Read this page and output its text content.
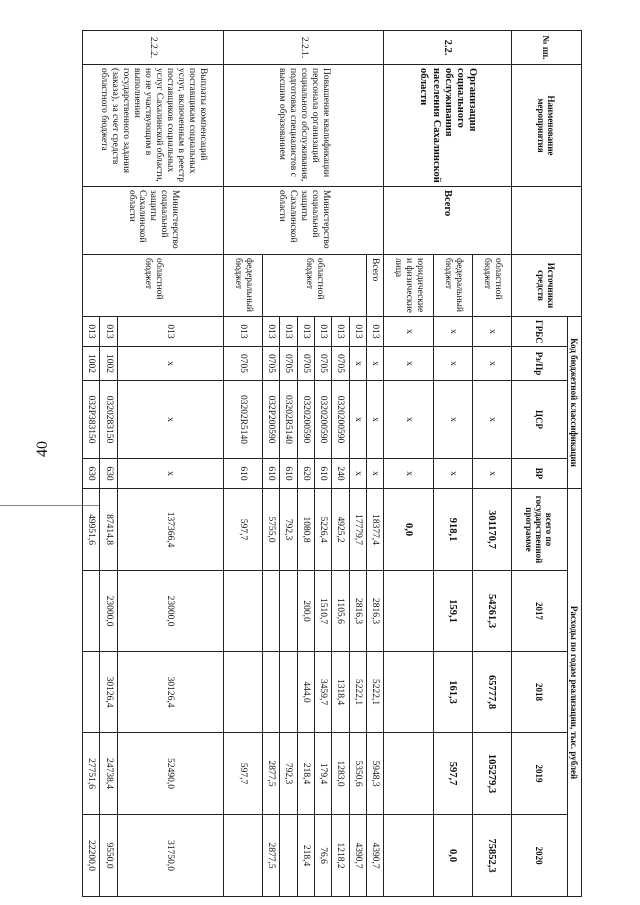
40
№ пп.	Наименование мероприятия		Источники средств	Код бюджетной классификации				Расходы по годам реализации, тыс. рублей				
				ГРБС	Рз/Пр	ЦСР	ВР	всего по государственной программе	2017	2018	2019	2020
2.2.	Организация социального обслуживания населения Сахалинской области	Всего	областной бюджет	х	х	х	х	301170,7	54261,3	65777,8	105279,3	75852,3
			федеральный бюджет	х	х	х	х	918,1	159,1	161,3	597,7	0,0
			юридические и физические лица	х	х	х	х	0,0				
2.2.1.	Повышение квалификации персонала организаций социального обслуживания, подготовка специалистов с высшим образованием	Министерство социальной защиты Сахалинской области	Всего	013	х	х	х	18377,4	2816,3	5222,1	5948,3	4390,7
			областной бюджет	013	х	х	х	17779,7	2816,3	5222,1	5350,6	4390,7
				013	0705	0320200590	240	4925,2	1105,6	1318,4	1283,0	1218,2
				013	0705	0320200590	610	5226,4	1510,7	3459,7	179,4	76,6
				013	0705	0320200590	620	1080,8	200,0	444,0	218,4	218,4
				013	0705	03202R5140	610	792,3			792,3	
				013	0705	032P200590	610	5755,0			2877,5	2877,5
			федеральный бюджет	013	0705	03202R5140	610	597,7			597,7	
2.2.2.	Выплаты компенсаций поставщикам социальных услуг, включенным в реестр поставщиков социальных услуг Сахалинской области, но не участвующим в выполнении государственного задания (заказа), за счет средств областного бюджета	Министерство социальной защиты Сахалинской области	областной бюджет	013	х	х	х	137366,4	23000,0	30126,4	52490,0	31750,0
				013	1002	0320283150	630	87414,8	23000,0	30126,4	24738,4	9550,0
				013	1002	032P383150	630	49951,6			27751,6	22200,0
